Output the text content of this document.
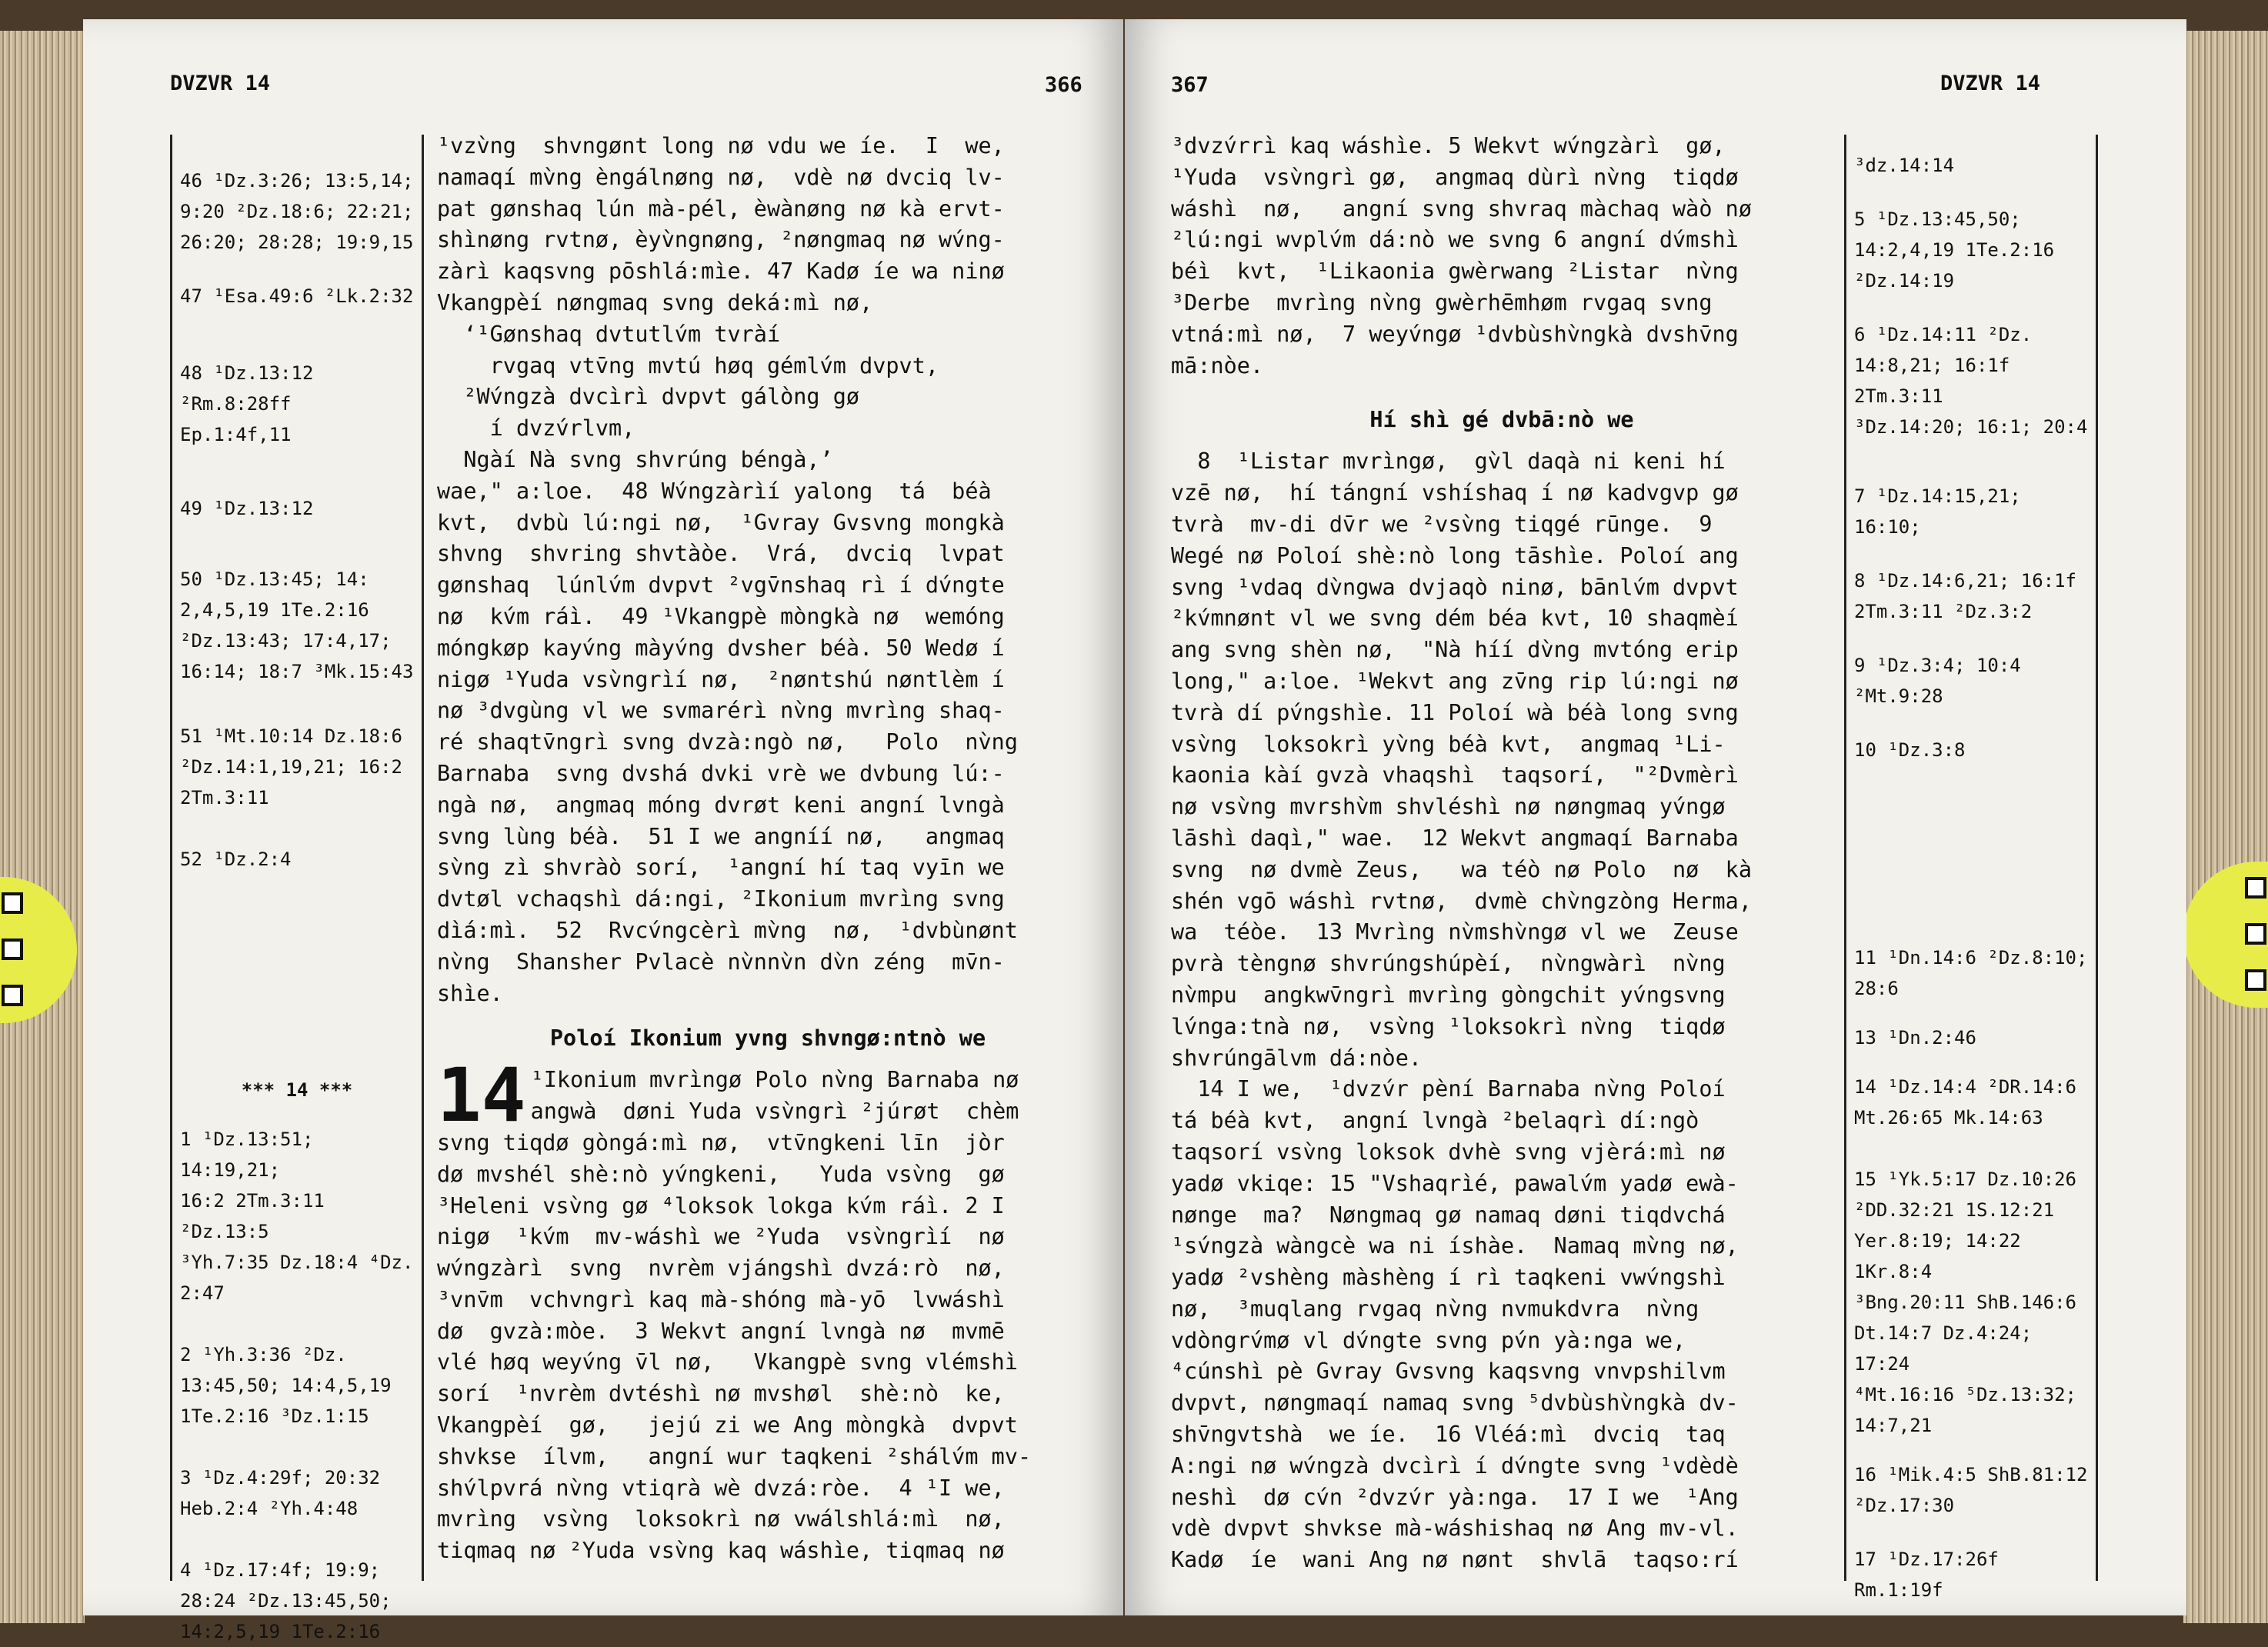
DVZVR 14	366
46 ¹Dz.3:26; 13:5,14;
9:20 ²Dz.18:6; 22:21;
26:20; 28:28; 19:9,15
47 ¹Esa.49:6 ²Lk.2:32
48 ¹Dz.13:12 ²Rm.8:28ff
Ep.1:4f,11
49 ¹Dz.13:12
50 ¹Dz.13:45; 14:
2,4,5,19 1Te.2:16
²Dz.13:43; 17:4,17;
16:14; 18:7 ³Mk.15:43
51 ¹Mt.10:14 Dz.18:6
²Dz.14:1,19,21; 16:2
2Tm.3:11
52 ¹Dz.2:4
*** 14 ***
1 ¹Dz.13:51; 14:19,21;
16:2 2Tm.3:11 ²Dz.13:5
³Yh.7:35 Dz.18:4 ⁴Dz.
2:47
2 ¹Yh.3:36 ²Dz.
13:45,50; 14:4,5,19
1Te.2:16 ³Dz.1:15
3 ¹Dz.4:29f; 20:32
Heb.2:4 ²Yh.4:48
4 ¹Dz.17:4f; 19:9;
28:24 ²Dz.13:45,50;
14:2,5,19 1Te.2:16
¹vzv̀ng  shvngønt long nø vdu we íe.  I  we,
namaqí mv̀ng èngálnøng nø,  vdè nø dvciq lv-
pat gønshaq lún mà-pél, èwànøng nø kà ervt-
shìnøng rvtnø, èyv̀ngnøng, ²nøngmaq nø wv́ng-
zàrì kaqsvng pōshlá:mìe. 47 Kadø íe wa ninø
Vkangpèí nøngmaq svng deká:mì nø,
‘¹Gønshaq dvtutlv́m tvràí
rvgaq vtv̄ng mvtú høq gémlv́m dvpvt,
²Wv́ngzà dvcìrì dvpvt gálòng gø
í dvzv́rlvm,
Ngàí Nà svng shvrúng béngà,’
wae," a:loe.  48 Wv́ngzàrìí yalong  tá  béà
kvt,  dvbù lú:ngi nø,  ¹Gvray Gvsvng mongkà
shvng  shvring shvtàòe.  Vrá,  dvciq  lvpat
gønshaq  lúnlv́m dvpvt ²vgv̄nshaq rì í dv́ngte
nø  kv́m ráì.  49 ¹Vkangpè mòngkà nø  wemóng
móngkøp kayv́ng màyv́ng dvsher béà. 50 Wedø í
nigø ¹Yuda vsv̀ngrìí nø,  ²nøntshú nøntlèm í
nø ³dvgùng vl we svmarérì nv̀ng mvrìng shaq-
ré shaqtv̄ngrì svng dvzà:ngò nø,   Polo  nv̀ng
Barnaba  svng dvshá dvki vrè we dvbung lú:-
ngà nø,  angmaq móng dvrøt keni angní lvngà
svng lùng béà.  51 I we angníí nø,   angmaq
sv̀ng zì shvràò sorí,  ¹angní hí taq vyīn we
dvtøl vchaqshì dá:ngi, ²Ikonium mvrìng svng
dìá:mì.  52  Rvcv́ngcèrì mv̀ng  nø,  ¹dvbùnønt
nv̀ng  Shansher Pvlacè nv̀nnv̀n dv̀n zéng  mv̄n-
shìe.
Poloí Ikonium yvng shvngø:ntnò we
14 ¹Ikonium mvrìngø Polo nv̀ng Barnaba nø
angwà  døni Yuda vsv̀ngrì ²júrøt  chèm
svng tiqdø gòngá:mì nø,  vtv̄ngkeni līn  jòr
dø mvshél shè:nò yv́ngkeni,   Yuda vsv̀ng  gø
³Heleni vsv̀ng gø ⁴loksok lokga kv́m ráì. 2 I
nigø  ¹kv́m  mv-wáshì we ²Yuda  vsv̀ngrìí  nø
wv́ngzàrì  svng  nvrèm vjángshì dvzá:rò  nø,
³vnv̄m  vchvngrì kaq mà-shóng mà-yō  lvwáshì
dø  gvzà:mòe.  3 Wekvt angní lvngà nø  mvmē
vlé høq weyv́ng v̄l nø,   Vkangpè svng vlémshì
sorí  ¹nvrèm dvtéshì nø mvshøl  shè:nò  ke,
Vkangpèí  gø,   jejú zi we Ang mòngkà  dvpvt
shvkse  ílvm,   angní wur taqkeni ²shálv́m mv-
shv́lpvrá nv̀ng vtiqrà wè dvzá:ròe.  4 ¹I we,
mvrìng  vsv̀ng  loksokrì nø vwálshlá:mì  nø,
tiqmaq nø ²Yuda vsv̀ng kaq wáshìe, tiqmaq nø
367	DVZVR 14
³dz.14:14
5 ¹Dz.13:45,50;
14:2,4,19 1Te.2:16
²Dz.14:19
6 ¹Dz.14:11 ²Dz.
14:8,21; 16:1f 2Tm.3:11
³Dz.14:20; 16:1; 20:4
7 ¹Dz.14:15,21; 16:10;
8 ¹Dz.14:6,21; 16:1f
2Tm.3:11 ²Dz.3:2
9 ¹Dz.3:4; 10:4
²Mt.9:28
10 ¹Dz.3:8
11 ¹Dn.14:6 ²Dz.8:10;
28:6
13 ¹Dn.2:46
14 ¹Dz.14:4 ²DR.14:6
Mt.26:65 Mk.14:63
15 ¹Yk.5:17 Dz.10:26
²DD.32:21 1S.12:21
Yer.8:19; 14:22 1Kr.8:4
³Bng.20:11 ShB.146:6
Dt.14:7 Dz.4:24; 17:24
⁴Mt.16:16 ⁵Dz.13:32;
14:7,21
16 ¹Mik.4:5 ShB.81:12
²Dz.17:30
17 ¹Dz.17:26f Rm.1:19f
³dvzv́rrì kaq wáshìe. 5 Wekvt wv́ngzàrì  gø,
¹Yuda  vsv̀ngrì gø,  angmaq dùrì nv̀ng  tiqdø
wáshì  nø,   angní svng shvraq màchaq wàò nø
²lú:ngi wvplv́m dá:nò we svng 6 angní dv́mshì
béì  kvt,  ¹Likaonia gwèrwang ²Listar  nv̀ng
³Derbe  mvrìng nv̀ng gwèrhēmhøm rvgaq svng
vtná:mì nø,  7 weyv́ngø ¹dvbùshv̀ngkà dvshv̄ng
mā:nòe.
Hí shì gé dvbā:nò we
8  ¹Listar mvrìngø,  gv̀l daqà ni keni hí
vzē nø,  hí tángní vshíshaq í nø kadvgvp gø
tvrà  mv-di dv̄r we ²vsv̀ng tiqgé rūnge.  9
Wegé nø Poloí shè:nò long tāshìe. Poloí ang
svng ¹vdaq dv̀ngwa dvjaqò ninø, bānlv́m dvpvt
²kv́mnønt vl we svng dém béa kvt, 10 shaqmèí
ang svng shèn nø,  "Nà híí dv̀ng mvtóng erip
long," a:loe. ¹Wekvt ang zv̄ng rip lú:ngi nø
tvrà dí pv́ngshìe. 11 Poloí wà béà long svng
vsv̀ng  loksokrì yv̀ng béà kvt,  angmaq ¹Li-
kaonia kàí gvzà vhaqshì  taqsorí,  "²Dvmèrì
nø vsv̀ng mvrshv̀m shvléshì nø nøngmaq yv́ngø
lāshì daqì," wae.  12 Wekvt angmaqí Barnaba
svng  nø dvmè Zeus,   wa téò nø Polo  nø  kà
shén vgō wáshì rvtnø,  dvmè chv̀ngzòng Herma,
wa  téòe.  13 Mvrìng nv̀mshv̀ngø vl we  Zeuse
pvrà tèngnø shvrúngshúpèí,  nv̀ngwàrì  nv̀ng
nv̀mpu  angkwv̄ngrì mvrìng gòngchit yv́ngsvng
lv́nga:tnà nø,  vsv̀ng ¹loksokrì nv̀ng  tiqdø
shvrúngālvm dá:nòe.
14 I we,  ¹dvzv́r pèní Barnaba nv̀ng Poloí
tá béà kvt,  angní lvngà ²belaqrì dí:ngò
taqsorí vsv̀ng loksok dvhè svng vjèrá:mì nø
yadø vkiqe: 15 "Vshaqrìé, pawalv́m yadø ewà-
nønge  ma?  Nøngmaq gø namaq døni tiqdvchá
¹sv́ngzà wàngcè wa ni íshàe.  Namaq mv̀ng nø,
yadø ²vshèng màshèng í rì taqkeni vwv́ngshì
nø,  ³muqlang rvgaq nv̀ng nvmukdvra  nv̀ng
vdòngrv́mø vl dv́ngte svng pv́n yà:nga we,
⁴cúnshì pè Gvray Gvsvng kaqsvng vnvpshilvm
dvpvt, nøngmaqí namaq svng ⁵dvbùshv̀ngkà dv-
shv̄ngvtshà  we íe.  16 Vléá:mì  dvciq  taq
A:ngi nø wv́ngzà dvcìrì í dv́ngte svng ¹vdèdè
neshì  dø cv́n ²dvzv́r yà:nga.  17 I we  ¹Ang
vdè dvpvt shvkse mà-wáshishaq nø Ang mv-vl.
Kadø  íe  wani Ang nø nønt  shvlā  taqso:rí
